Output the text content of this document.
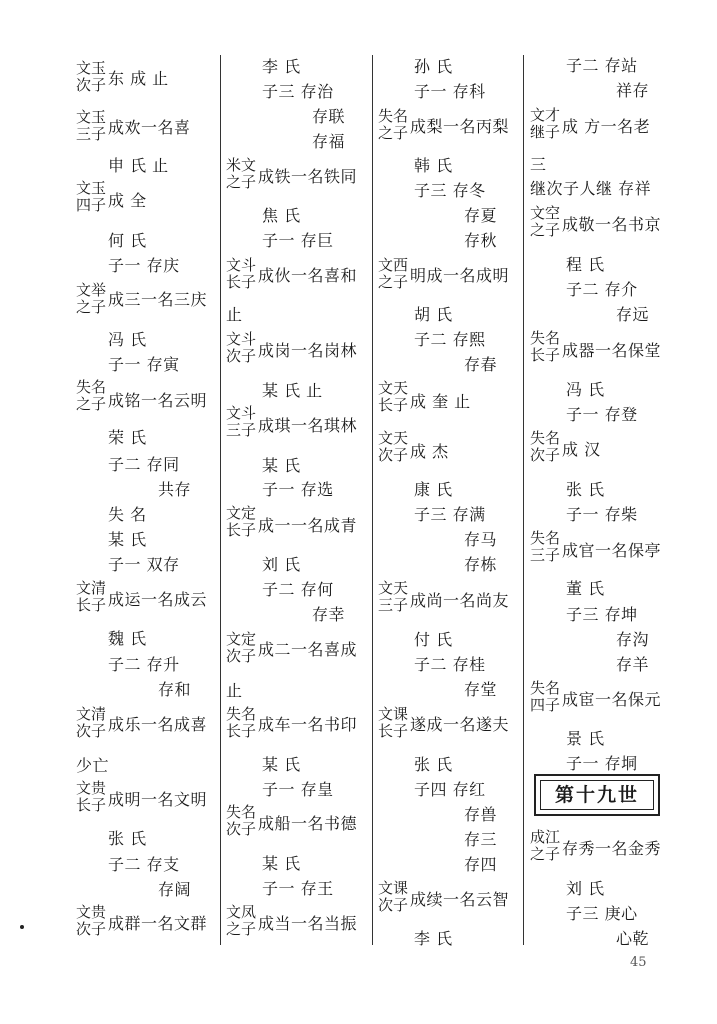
文玉
次子 东 成 止
文玉
三子 成欢一名喜
申 氏 止
文玉
四子 成 全
何 氏
子一 存庆
文举
之子 成三一名三庆
冯 氏
子一 存寅
失名
之子 成铭一名云明
荣 氏
子二 存同
共存
失 名
某 氏
子一 双存
文清
长子 成运一名成云
魏 氏
子二 存升
存和
文清
次子 成乐一名成喜
少亡
文贵
长子 成明一名文明
张 氏
子二 存支
存阔
文贵
次子 成群一名文群
李 氏
子三 存治
存联
存福
米文
之子 成铁一名铁同
焦 氏
子一 存巨
文斗
长子 成伙一名喜和
止
文斗
次子 成岗一名岗林
某 氏 止
文斗
三子 成琪一名琪林
某 氏
子一 存选
文定
长子 成一一名成青
刘 氏
子二 存何
存幸
文定
次子 成二一名喜成
止
失名
长子 成车一名书印
某 氏
子一 存皇
失名
次子 成船一名书德
某 氏
子一 存王
文凤
之子 成当一名当振
孙 氏
子一 存科
失名
之子 成梨一名丙梨
韩 氏
子三 存冬
存夏
存秋
文西
之子 明成一名成明
胡 氏
子二 存熙
存春
文天
长子 成 奎 止
文天
次子 成 杰
康 氏
子三 存满
存马
存栋
文天
三子 成尚一名尚友
付 氏
子二 存桂
存堂
文课
长子 遂成一名遂夫
张 氏
子四 存红
存兽
存三
存四
文课
次子 成续一名云智
李 氏
子二 存站
祥存
文才
继子 成 方一名老
三
继次子人继 存祥
文空
之子 成敬一名书京
程 氏
子二 存介
存远
失名
长子 成器一名保堂
冯 氏
子一 存登
失名
次子 成 汉
张 氏
子一 存柴
失名
三子 成官一名保亭
董 氏
子三 存坤
存沟
存羊
失名
四子 成宦一名保元
景 氏
子一 存垌
第十九世
成江
之子 存秀一名金秀
刘 氏
子三 庚心
心乾
45
